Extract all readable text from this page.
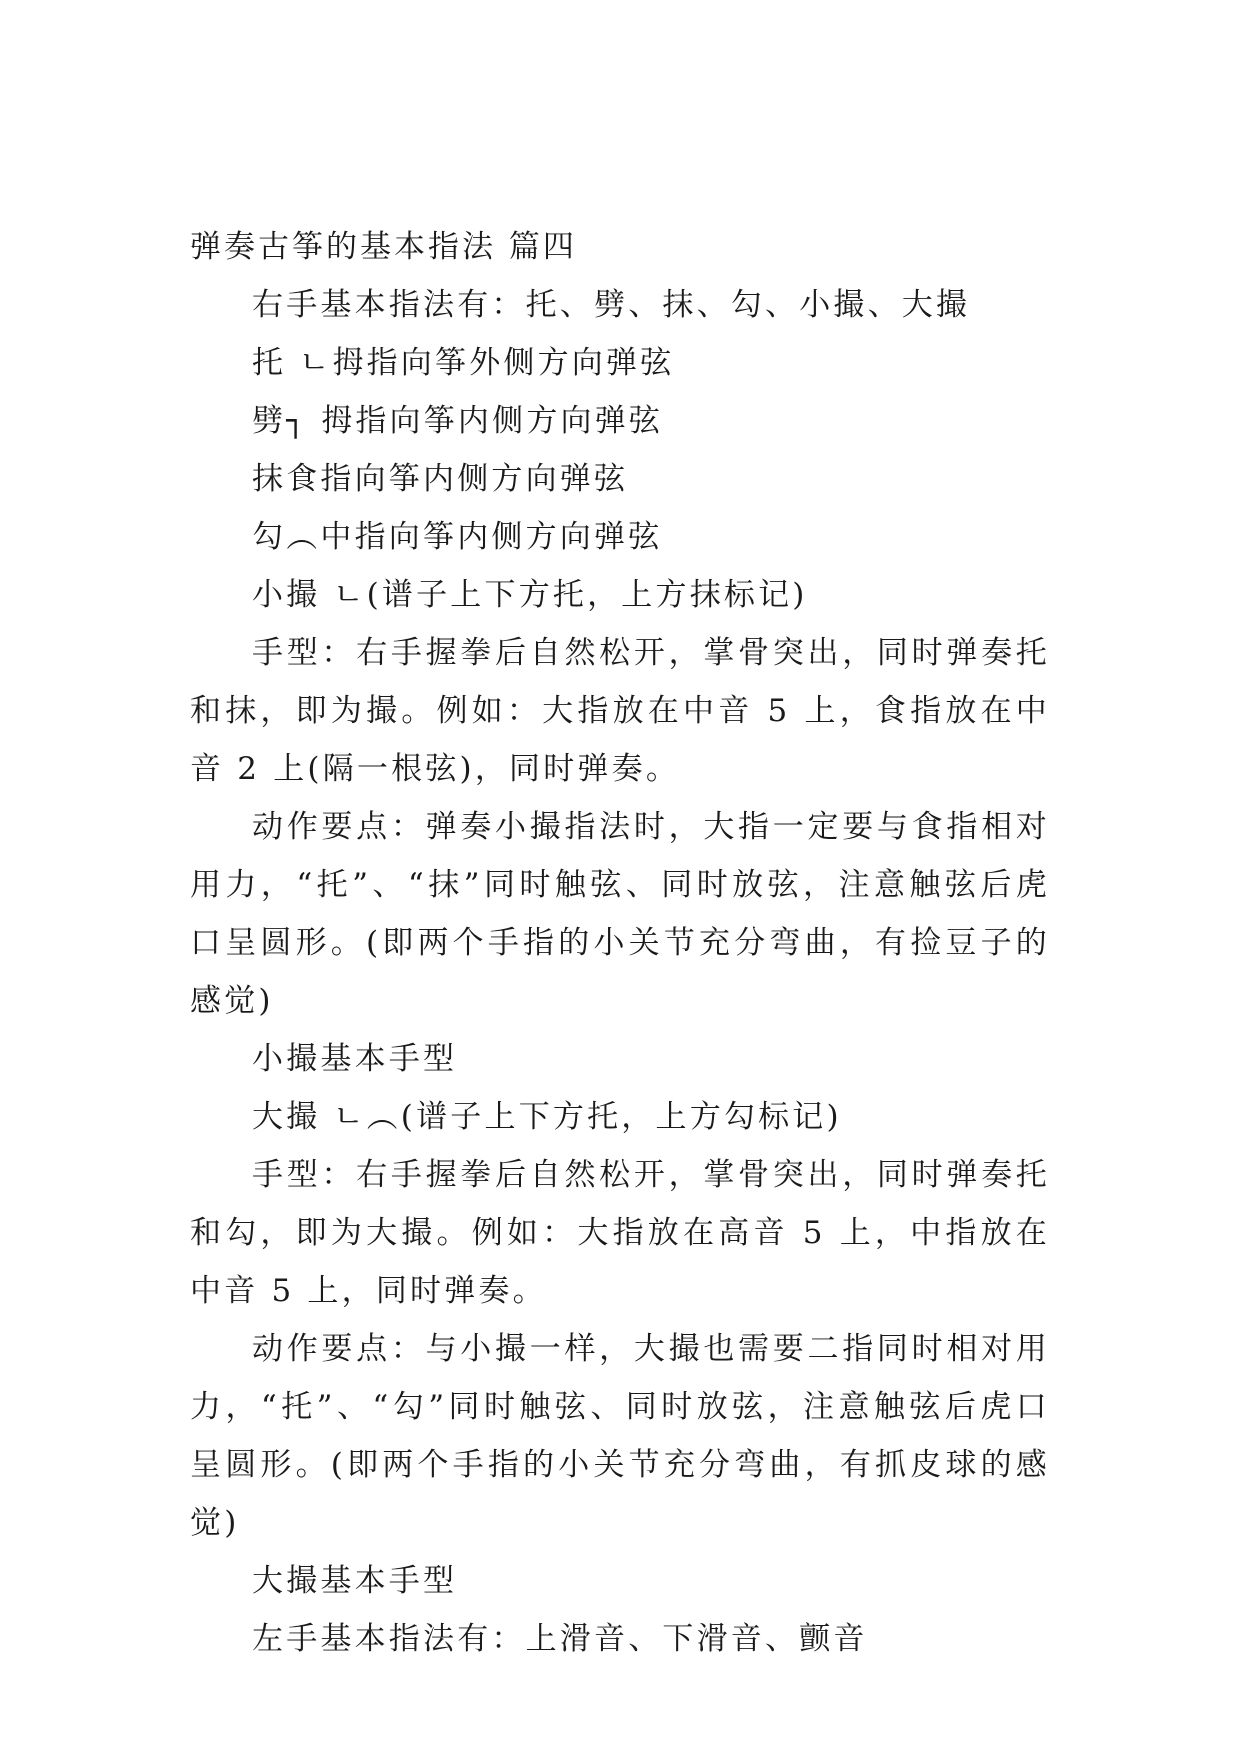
弹奏古筝的基本指法 篇四

右手基本指法有：托、劈、抹、勾、小撮、大撮

托 ㄴ拇指向筝外侧方向弹弦

劈┐ 拇指向筝内侧方向弹弦

抹食指向筝内侧方向弹弦

勾︵中指向筝内侧方向弹弦

小撮 ㄴ(谱子上下方托，上方抹标记)

手型：右手握拳后自然松开，掌骨突出，同时弹奏托和抹，即为撮。例如：大指放在中音 5 上，食指放在中音 2 上(隔一根弦)，同时弹奏。

动作要点：弹奏小撮指法时，大指一定要与食指相对用力，“托”、“抹”同时触弦、同时放弦，注意触弦后虎口呈圆形。(即两个手指的小关节充分弯曲，有捡豆子的感觉)

小撮基本手型

大撮 ㄴ︵(谱子上下方托，上方勾标记)

手型：右手握拳后自然松开，掌骨突出，同时弹奏托和勾，即为大撮。例如：大指放在高音 5 上，中指放在中音 5 上，同时弹奏。

动作要点：与小撮一样，大撮也需要二指同时相对用力，“托”、“勾”同时触弦、同时放弦，注意触弦后虎口呈圆形。(即两个手指的小关节充分弯曲，有抓皮球的感觉)

大撮基本手型

左手基本指法有：上滑音、下滑音、颤音
